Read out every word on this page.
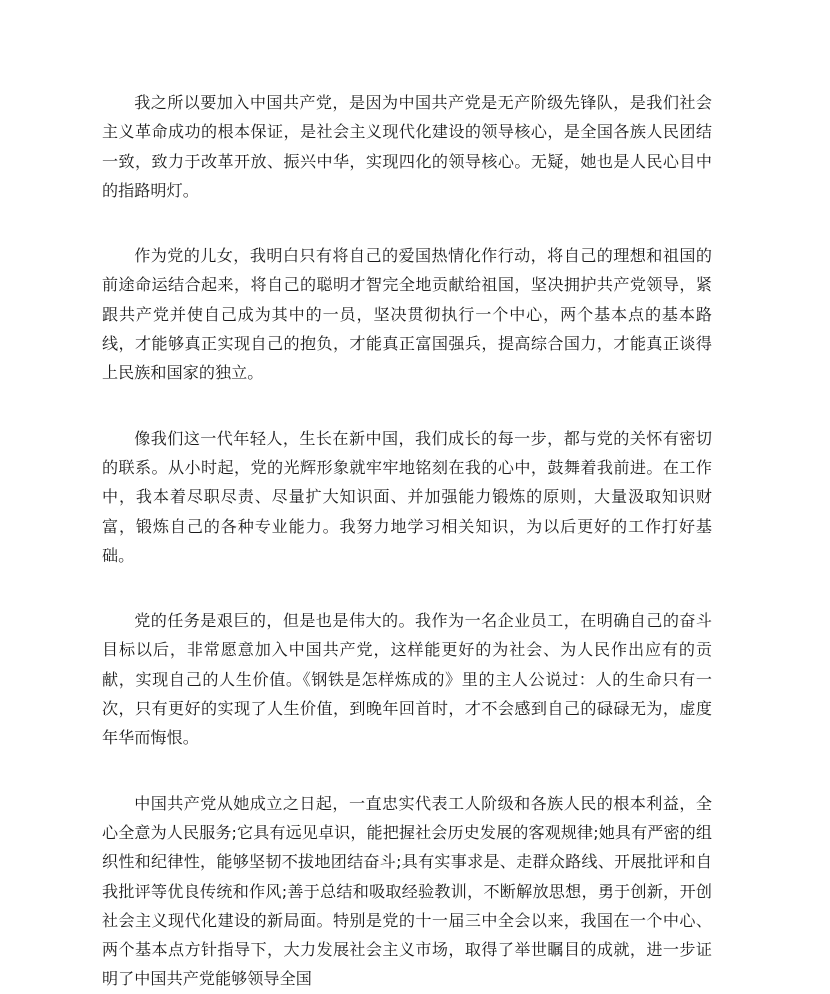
我之所以要加入中国共产党，是因为中国共产党是无产阶级先锋队，是我们社会主义革命成功的根本保证，是社会主义现代化建设的领导核心，是全国各族人民团结一致，致力于改革开放、振兴中华，实现四化的领导核心。无疑，她也是人民心目中的指路明灯。

作为党的儿女，我明白只有将自己的爱国热情化作行动，将自己的理想和祖国的前途命运结合起来，将自己的聪明才智完全地贡献给祖国，坚决拥护共产党领导，紧跟共产党并使自己成为其中的一员，坚决贯彻执行一个中心，两个基本点的基本路线，才能够真正实现自己的抱负，才能真正富国强兵，提高综合国力，才能真正谈得上民族和国家的独立。

像我们这一代年轻人，生长在新中国，我们成长的每一步，都与党的关怀有密切的联系。从小时起，党的光辉形象就牢牢地铭刻在我的心中，鼓舞着我前进。在工作中，我本着尽职尽责、尽量扩大知识面、并加强能力锻炼的原则，大量汲取知识财富，锻炼自己的各种专业能力。我努力地学习相关知识，为以后更好的工作打好基础。

党的任务是艰巨的，但是也是伟大的。我作为一名企业员工，在明确自己的奋斗目标以后，非常愿意加入中国共产党，这样能更好的为社会、为人民作出应有的贡献，实现自己的人生价值。《钢铁是怎样炼成的》里的主人公说过：人的生命只有一次，只有更好的实现了人生价值，到晚年回首时，才不会感到自己的碌碌无为，虚度年华而悔恨。

中国共产党从她成立之日起，一直忠实代表工人阶级和各族人民的根本利益，全心全意为人民服务;它具有远见卓识，能把握社会历史发展的客观规律;她具有严密的组织性和纪律性，能够坚韧不拔地团结奋斗;具有实事求是、走群众路线、开展批评和自我批评等优良传统和作风;善于总结和吸取经验教训，不断解放思想，勇于创新，开创社会主义现代化建设的新局面。特别是党的十一届三中全会以来，我国在一个中心、两个基本点方针指导下，大力发展社会主义市场，取得了举世瞩目的成就，进一步证明了中国共产党能够领导全国
